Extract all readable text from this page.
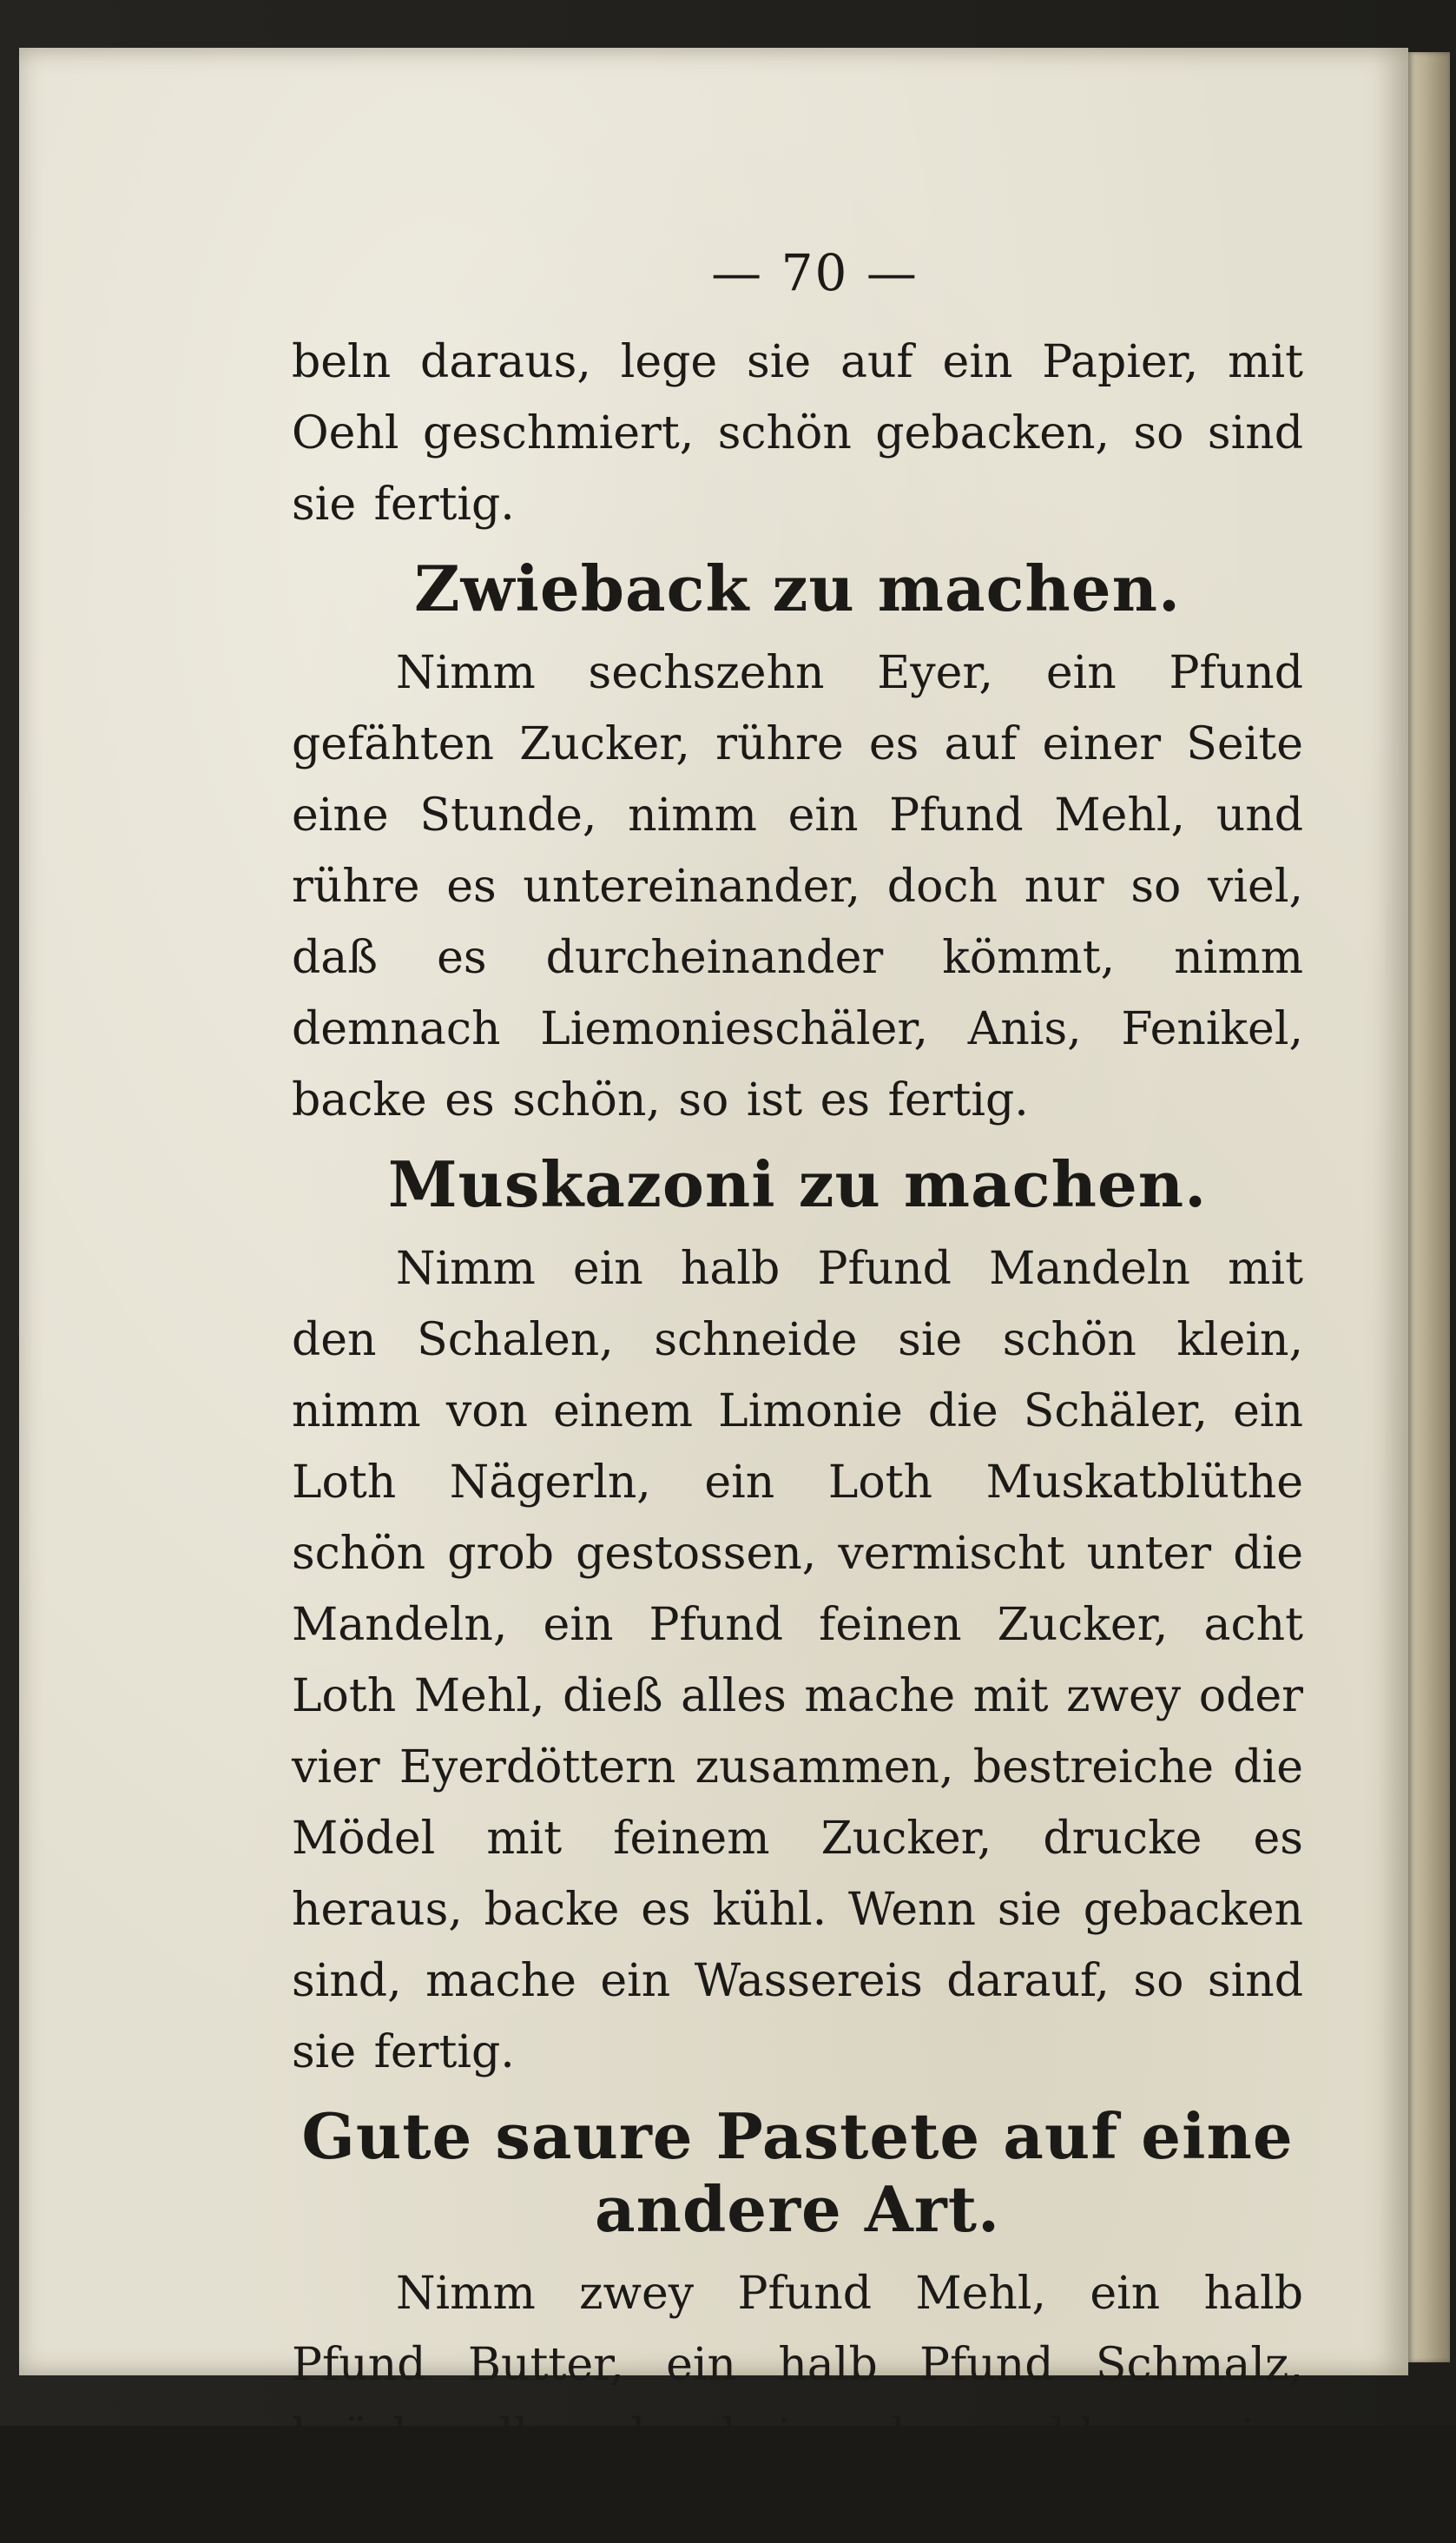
— 70 —

beln daraus, lege sie auf ein Papier, mit Oehl geschmiert, schön gebacken, so sind sie fertig.

Zwieback zu machen.

Nimm sechszehn Eyer, ein Pfund gefähten Zucker, rühre es auf einer Seite eine Stunde, nimm ein Pfund Mehl, und rühre es untereinander, doch nur so viel, daß es durcheinander kömmt, nimm demnach Liemonieschäler, Anis, Fenikel, backe es schön, so ist es fertig.

Muskazoni zu machen.

Nimm ein halb Pfund Mandeln mit den Schalen, schneide sie schön klein, nimm von einem Limonie die Schäler, ein Loth Nägerln, ein Loth Muskatblüthe schön grob gestossen, vermischt unter die Mandeln, ein Pfund feinen Zucker, acht Loth Mehl, dieß alles mache mit zwey oder vier Eyerdöttern zusammen, bestreiche die Mödel mit feinem Zucker, drucke es heraus, backe es kühl. Wenn sie gebacken sind, mache ein Wassereis darauf, so sind sie fertig.

Gute saure Pastete auf eine andere Art.

Nimm zwey Pfund Mehl, ein halb Pfund Butter, ein halb Pfund Schmalz, brösle alles durcheinander, schlage vier ganze Eyer darein,
